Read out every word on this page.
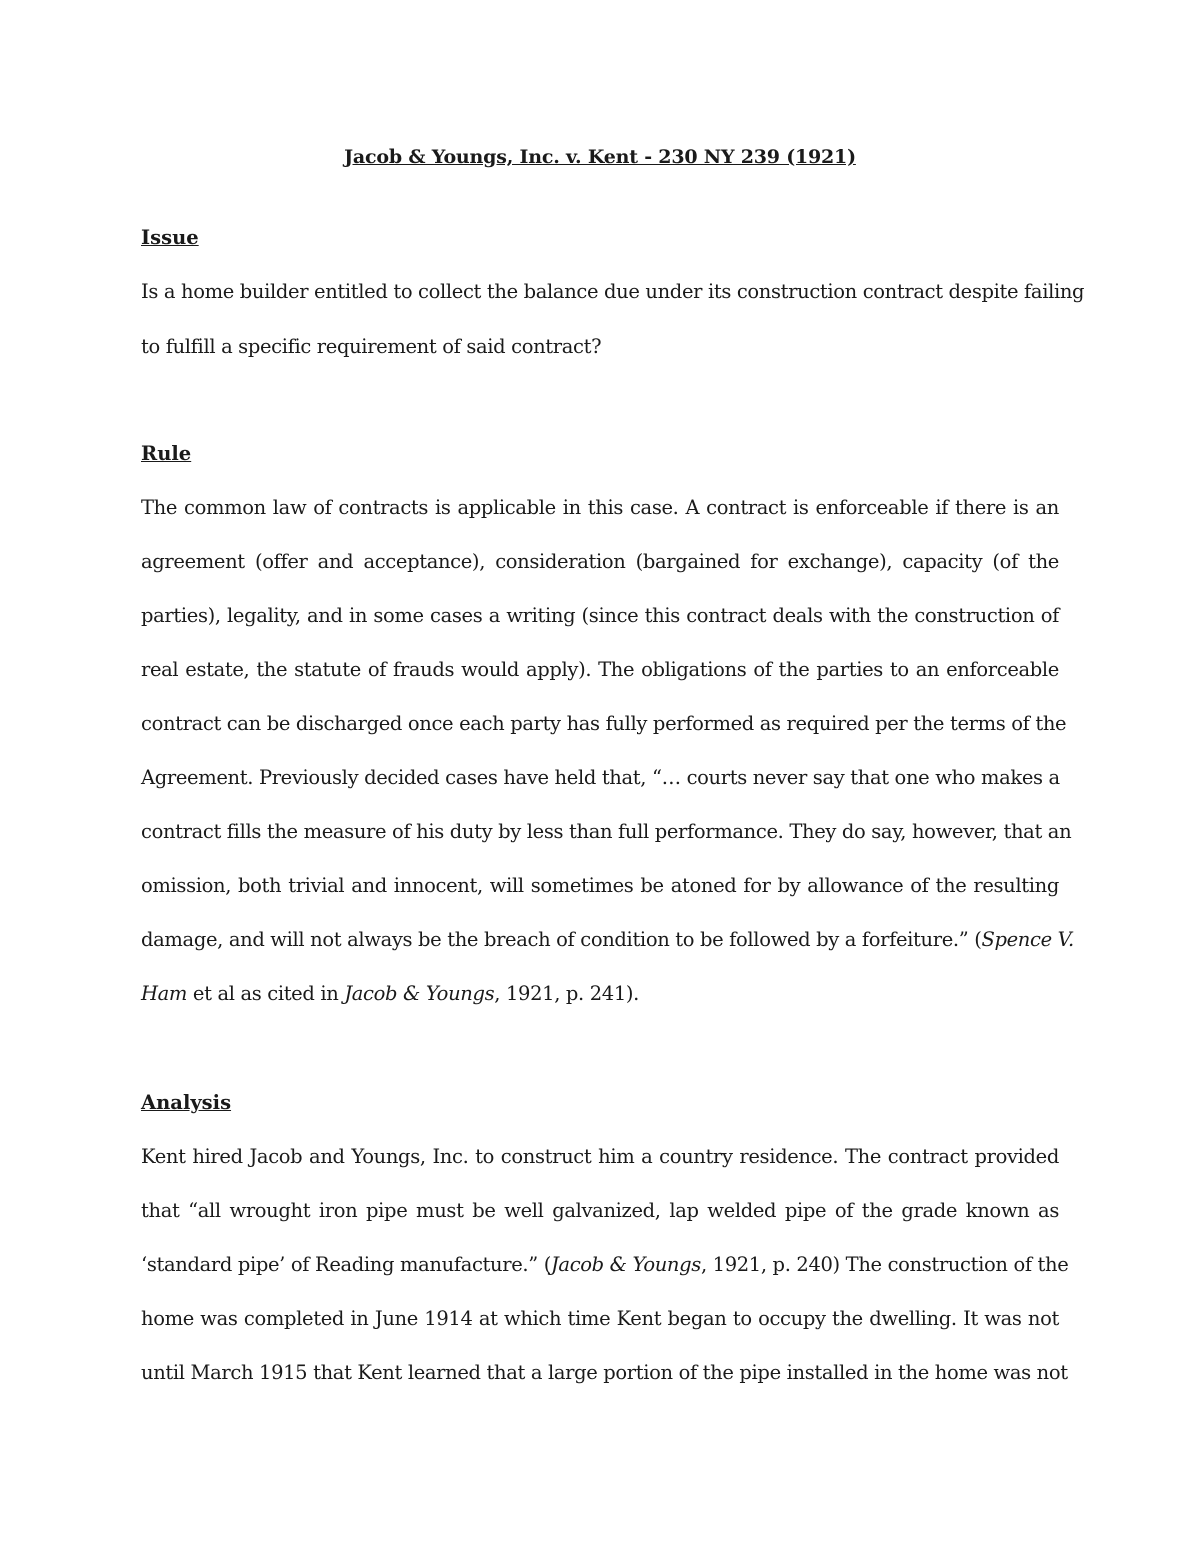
Jacob & Youngs, Inc. v. Kent - 230 NY 239 (1921)
Issue
Is a home builder entitled to collect the balance due under its construction contract despite failing
to fulfill a specific requirement of said contract?
Rule
The common law of contracts is applicable in this case. A contract is enforceable if there is an
agreement (offer and acceptance), consideration (bargained for exchange), capacity (of the
parties), legality, and in some cases a writing (since this contract deals with the construction of
real estate, the statute of frauds would apply). The obligations of the parties to an enforceable
contract can be discharged once each party has fully performed as required per the terms of the
Agreement. Previously decided cases have held that, “… courts never say that one who makes a
contract fills the measure of his duty by less than full performance. They do say, however, that an
omission, both trivial and innocent, will sometimes be atoned for by allowance of the resulting
damage, and will not always be the breach of condition to be followed by a forfeiture.” (Spence V.
Ham et al as cited in Jacob & Youngs, 1921, p. 241).
Analysis
Kent hired Jacob and Youngs, Inc. to construct him a country residence. The contract provided
that “all wrought iron pipe must be well galvanized, lap welded pipe of the grade known as
‘standard pipe’ of Reading manufacture.” (Jacob & Youngs, 1921, p. 240) The construction of the
home was completed in June 1914 at which time Kent began to occupy the dwelling. It was not
until March 1915 that Kent learned that a large portion of the pipe installed in the home was not
